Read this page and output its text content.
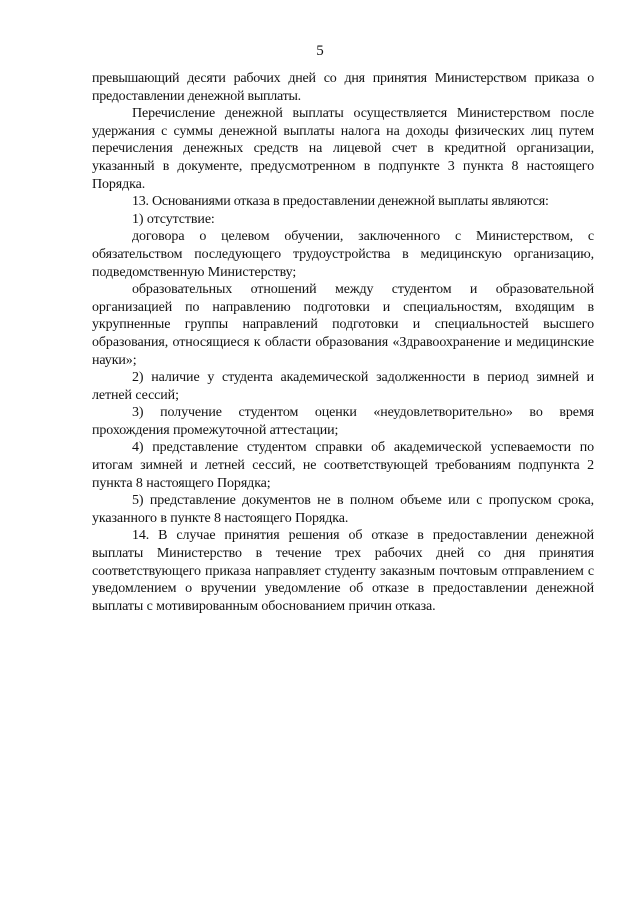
5

превышающий десяти рабочих дней со дня принятия Министерством приказа о предоставлении денежной выплаты.

Перечисление денежной выплаты осуществляется Министерством после удержания с суммы денежной выплаты налога на доходы физических лиц путем перечисления денежных средств на лицевой счет в кредитной организации, указанный в документе, предусмотренном в подпункте 3 пункта 8 настоящего Порядка.

13. Основаниями отказа в предоставлении денежной выплаты являются:

1) отсутствие:

договора о целевом обучении, заключенного с Министерством, с обязательством последующего трудоустройства в медицинскую организацию, подведомственную Министерству;

образовательных отношений между студентом и образовательной организацией по направлению подготовки и специальностям, входящим в укрупненные группы направлений подготовки и специальностей высшего образования, относящиеся к области образования «Здравоохранение и медицинские науки»;

2) наличие у студента академической задолженности в период зимней и летней сессий;

3) получение студентом оценки «неудовлетворительно» во время прохождения промежуточной аттестации;

4) представление студентом справки об академической успеваемости по итогам зимней и летней сессий, не соответствующей требованиям подпункта 2 пункта 8 настоящего Порядка;

5) представление документов не в полном объеме или с пропуском срока, указанного в пункте 8 настоящего Порядка.

14. В случае принятия решения об отказе в предоставлении денежной выплаты Министерство в течение трех рабочих дней со дня принятия соответствующего приказа направляет студенту заказным почтовым отправлением с уведомлением о вручении уведомление об отказе в предоставлении денежной выплаты с мотивированным обоснованием причин отказа.
